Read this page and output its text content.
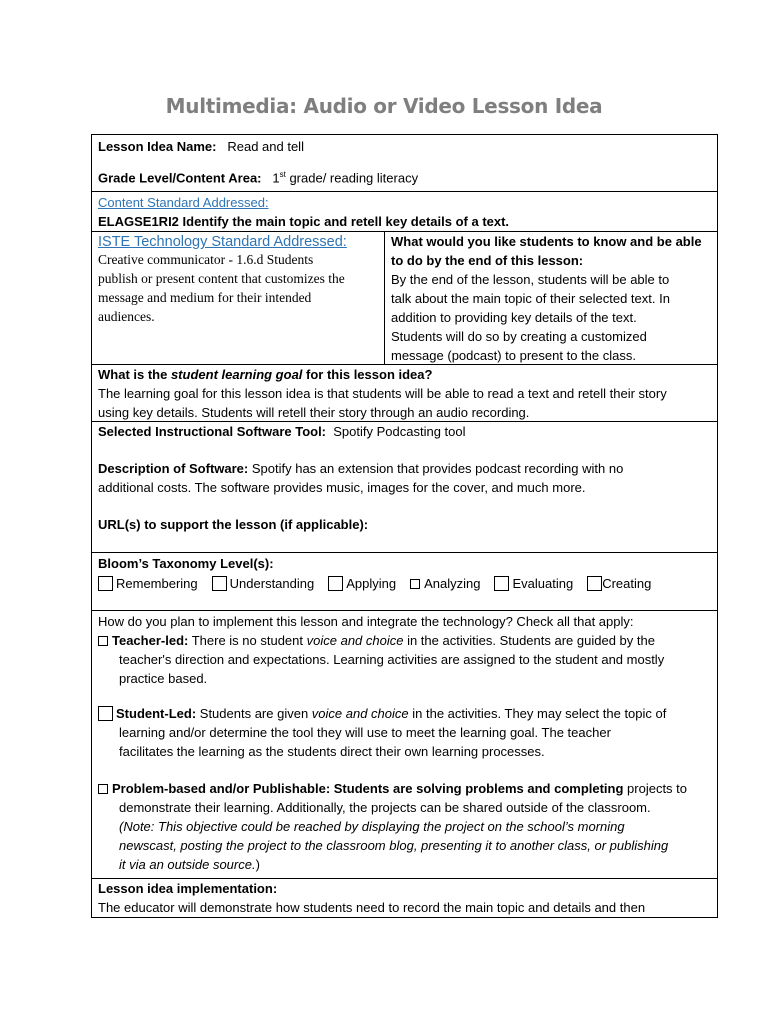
Multimedia: Audio or Video Lesson Idea
Lesson Idea Name: Read and tell
Grade Level/Content Area: 1st grade/ reading literacy
Content Standard Addressed:
ELAGSE1RI2 Identify the main topic and retell key details of a text.
ISTE Technology Standard Addressed:
Creative communicator - 1.6.d Students
publish or present content that customizes the
message and medium for their intended
audiences.
What would you like students to know and be able
to do by the end of this lesson:
By the end of the lesson, students will be able to
talk about the main topic of their selected text. In
addition to providing key details of the text.
Students will do so by creating a customized
message (podcast) to present to the class.
What is the student learning goal for this lesson idea?
The learning goal for this lesson idea is that students will be able to read a text and retell their story
using key details. Students will retell their story through an audio recording.
Selected Instructional Software Tool: Spotify Podcasting tool
Description of Software: Spotify has an extension that provides podcast recording with no
additional costs. The software provides music, images for the cover, and much more.
URL(s) to support the lesson (if applicable):
Bloom’s Taxonomy Level(s):
Remembering Understanding Applying Analyzing Evaluating Creating
How do you plan to implement this lesson and integrate the technology? Check all that apply:
Teacher-led: There is no student voice and choice in the activities. Students are guided by the
teacher's direction and expectations. Learning activities are assigned to the student and mostly
practice based.
Student-Led: Students are given voice and choice in the activities. They may select the topic of
learning and/or determine the tool they will use to meet the learning goal. The teacher
facilitates the learning as the students direct their own learning processes.
Problem-based and/or Publishable: Students are solving problems and completing projects to
demonstrate their learning. Additionally, the projects can be shared outside of the classroom.
(Note: This objective could be reached by displaying the project on the school’s morning
newscast, posting the project to the classroom blog, presenting it to another class, or publishing
it via an outside source.)
Lesson idea implementation:
The educator will demonstrate how students need to record the main topic and details and then
